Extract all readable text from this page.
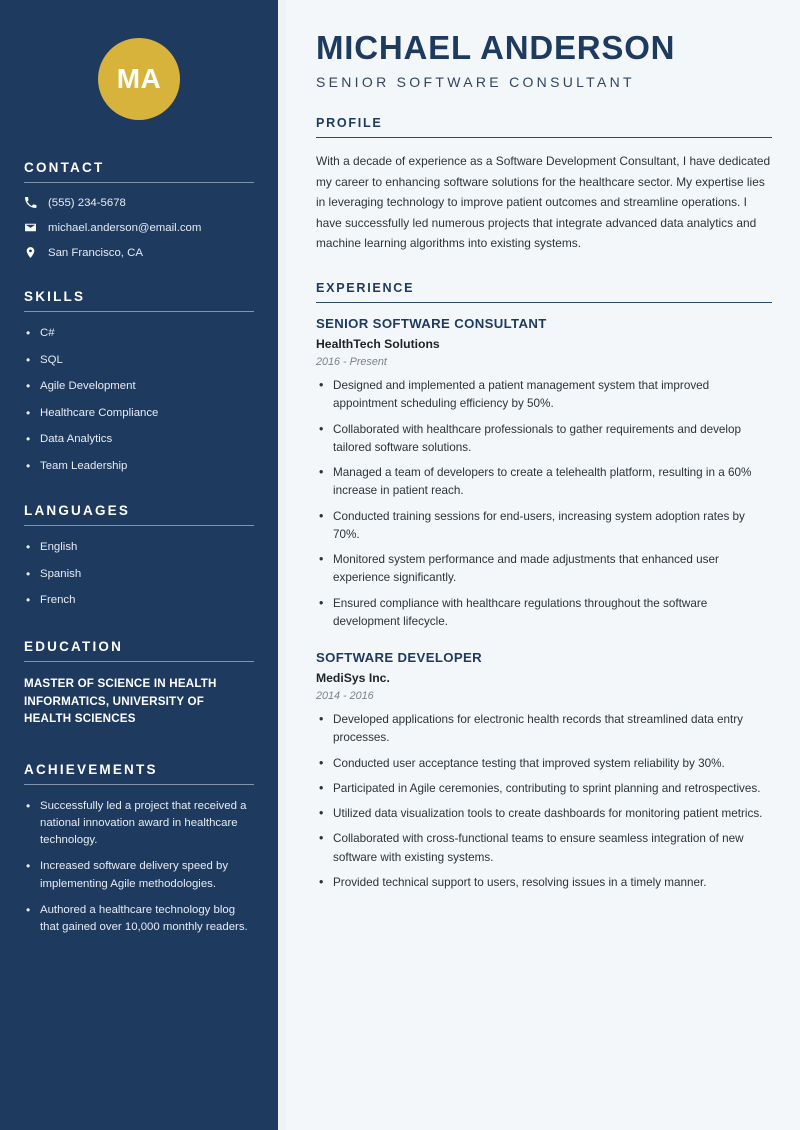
MA
CONTACT
(555) 234-5678
michael.anderson@email.com
San Francisco, CA
SKILLS
• C#
• SQL
• Agile Development
• Healthcare Compliance
• Data Analytics
• Team Leadership
LANGUAGES
• English
• Spanish
• French
EDUCATION
MASTER OF SCIENCE IN HEALTH INFORMATICS, UNIVERSITY OF HEALTH SCIENCES
ACHIEVEMENTS
• Successfully led a project that received a national innovation award in healthcare technology.
• Increased software delivery speed by implementing Agile methodologies.
• Authored a healthcare technology blog that gained over 10,000 monthly readers.
MICHAEL ANDERSON
SENIOR SOFTWARE CONSULTANT
PROFILE

With a decade of experience as a Software Development Consultant, I have dedicated my career to enhancing software solutions for the healthcare sector. My expertise lies in leveraging technology to improve patient outcomes and streamline operations. I have successfully led numerous projects that integrate advanced data analytics and machine learning algorithms into existing systems.

EXPERIENCE
SENIOR SOFTWARE CONSULTANT
HealthTech Solutions
2016 - Present
• Designed and implemented a patient management system that improved appointment scheduling efficiency by 50%.
• Collaborated with healthcare professionals to gather requirements and develop tailored software solutions.
• Managed a team of developers to create a telehealth platform, resulting in a 60% increase in patient reach.
• Conducted training sessions for end-users, increasing system adoption rates by 70%.
• Monitored system performance and made adjustments that enhanced user experience significantly.
• Ensured compliance with healthcare regulations throughout the software development lifecycle.
SOFTWARE DEVELOPER
MediSys Inc.
2014 - 2016
• Developed applications for electronic health records that streamlined data entry processes.
• Conducted user acceptance testing that improved system reliability by 30%.
• Participated in Agile ceremonies, contributing to sprint planning and retrospectives.
• Utilized data visualization tools to create dashboards for monitoring patient metrics.
• Collaborated with cross-functional teams to ensure seamless integration of new software with existing systems.
• Provided technical support to users, resolving issues in a timely manner.
